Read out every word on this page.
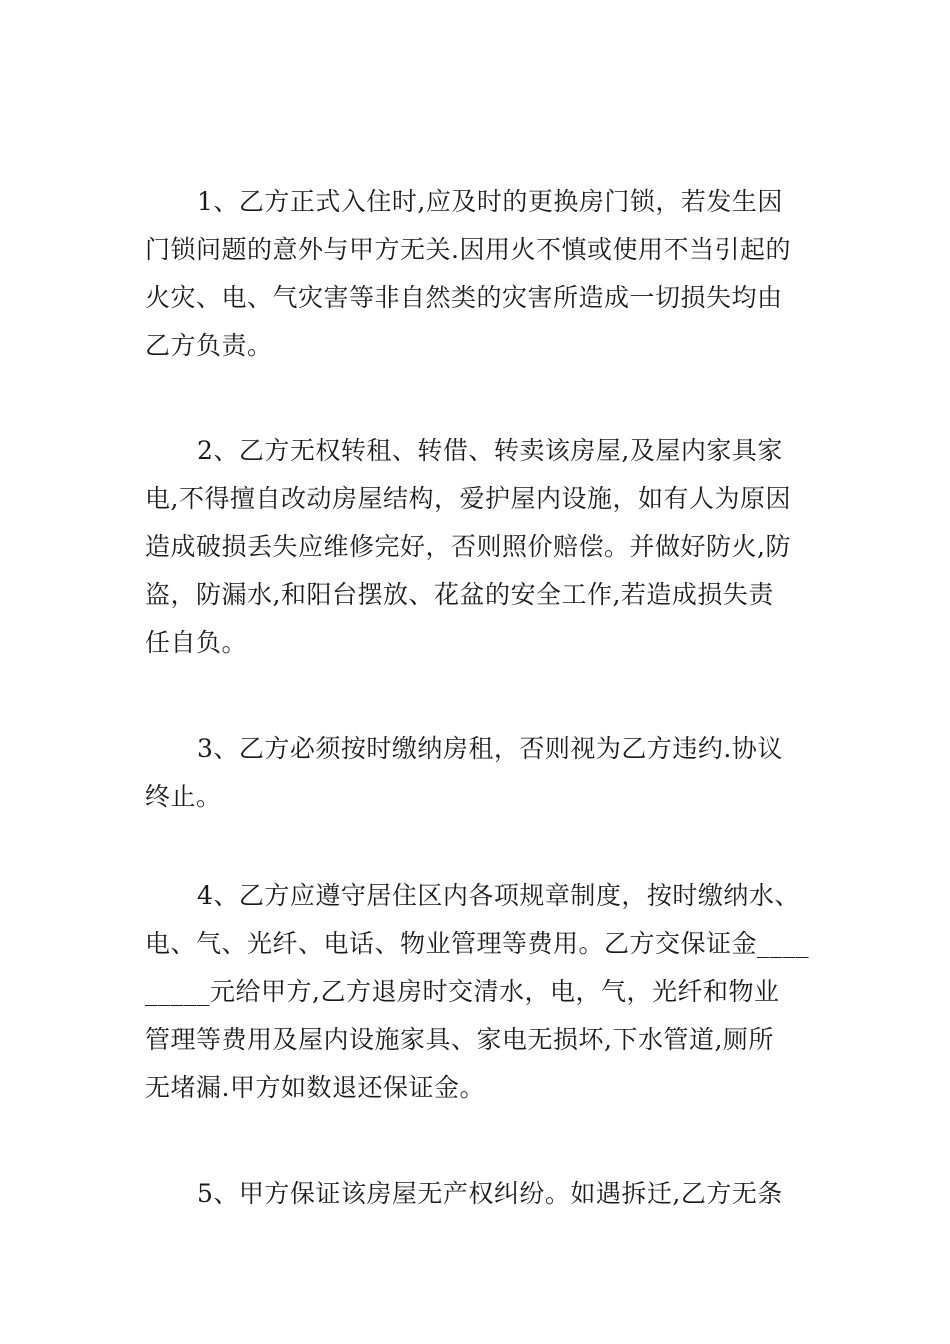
1、乙方正式入住时,应及时的更换房门锁，若发生因
门锁问题的意外与甲方无关.因用火不慎或使用不当引起的
火灾、电、气灾害等非自然类的灾害所造成一切损失均由
乙方负责。
2、乙方无权转租、转借、转卖该房屋,及屋内家具家
电,不得擅自改动房屋结构，爱护屋内设施，如有人为原因
造成破损丢失应维修完好，否则照价赔偿。并做好防火,防
盗，防漏水,和阳台摆放、花盆的安全工作,若造成损失责
任自负。
3、乙方必须按时缴纳房租，否则视为乙方违约.协议
终止。
4、乙方应遵守居住区内各项规章制度，按时缴纳水、
电、气、光纤、电话、物业管理等费用。乙方交保证金____
_____元给甲方,乙方退房时交清水，电，气，光纤和物业
管理等费用及屋内设施家具、家电无损坏,下水管道,厕所
无堵漏.甲方如数退还保证金。
5、甲方保证该房屋无产权纠纷。如遇拆迁,乙方无条
